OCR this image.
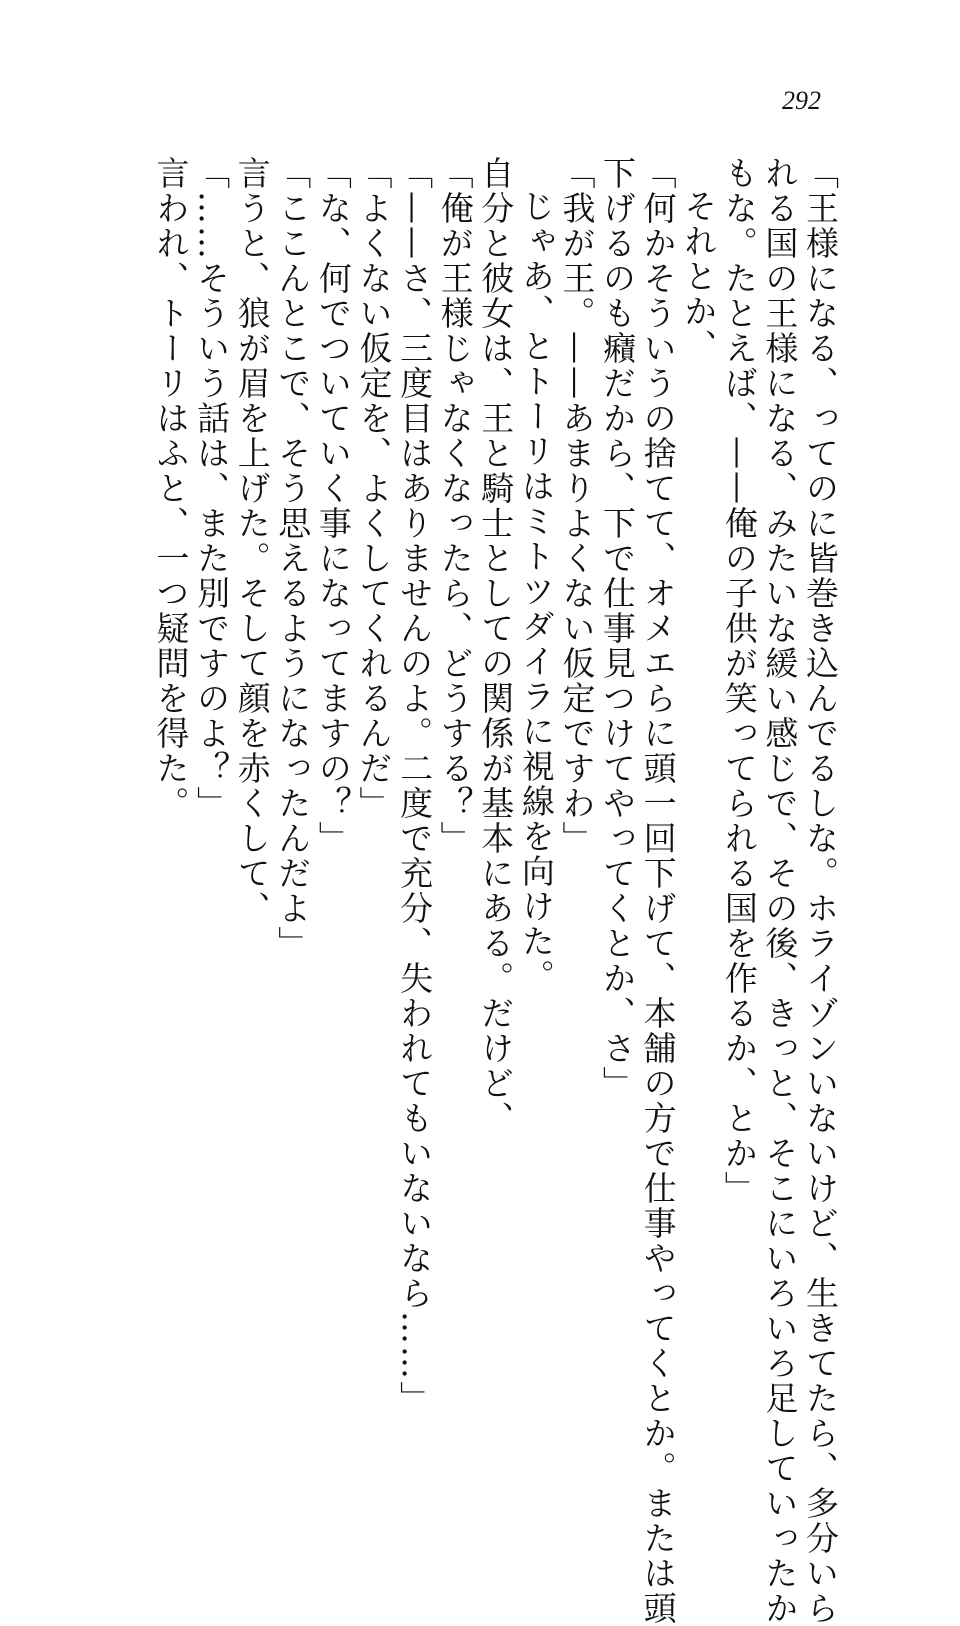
292

「王様になる、ってのに皆巻き込んでるしな。ホライゾンいないけど、生きてたら、多分いら

れる国の王様になる、みたいな緩い感じで、その後、きっと、そこにいろいろ足していったか

もな。たとえば、——俺の子供が笑ってられる国を作るか、とか」

それとか、

「何かそういうの捨てて、オメエらに頭一回下げて、本舗の方で仕事やってくとか。または頭

下げるのも癪だから、下で仕事見つけてやってくとか、さ」

「我が王。——あまりよくない仮定ですわ」

じゃあ、とトーリはミトツダイラに視線を向けた。

自分と彼女は、王と騎士としての関係が基本にある。だけど、

「俺が王様じゃなくなったら、どうする？」

「——さ、三度目はありませんのよ。二度で充分、失われてもいないなら……」

「よくない仮定を、よくしてくれるんだ」

「な、何でついていく事になってますの？」

「ここんとこで、そう思えるようになったんだよ」

言うと、狼が眉を上げた。そして顔を赤くして、

「……そういう話は、また別ですのよ？」

言われ、トーリはふと、一つ疑問を得た。
